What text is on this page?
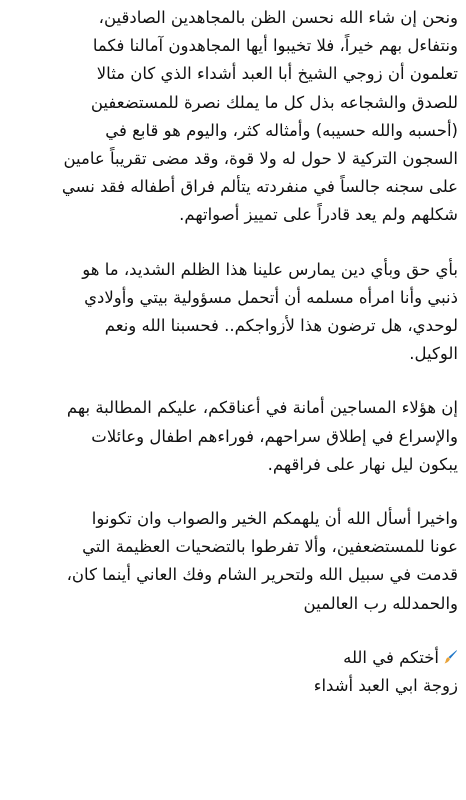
ونحن إن شاء الله نحسن الظن بالمجاهدين الصادقين،
ونتفاءل بهم خيراً، فلا تخيبوا أيها المجاهدون آمالنا فكما
تعلمون أن زوجي الشيخ أبا العبد أشداء الذي كان مثالا
للصدق والشجاعه بذل كل ما يملك نصرة للمستضعفين
(أحسبه والله حسيبه) وأمثاله كثر، واليوم هو قابع في
السجون التركية لا حول له ولا قوة، وقد مضى تقريباً عامين
على سجنه جالساً في منفردته يتألم فراق أطفاله فقد نسي
شكلهم ولم يعد قادراً على تمييز أصواتهم.

بأي حق وبأي دين يمارس علينا هذا الظلم الشديد، ما هو
ذنبي وأنا امرأه مسلمه أن أتحمل مسؤولية بيتي وأولادي
لوحدي، هل ترضون هذا لأزواجكم.. فحسبنا الله ونعم
الوكيل.

إن هؤلاء المساجين أمانة في أعناقكم، عليكم المطالبة بهم
والإسراع في إطلاق سراحهم، فوراءهم اطفال وعائلات
يبكون ليل نهار على فراقهم.

واخيرا أسأل الله أن يلهمكم الخير والصواب وان تكونوا
عونا للمستضعفين، وألا تفرطوا بالتضحيات العظيمة التي
قدمت في سبيل الله ولتحرير الشام وفك العاني أينما كان،
والحمدلله رب العالمين

أختكم في الله
زوجة ابي العبد أشداء
